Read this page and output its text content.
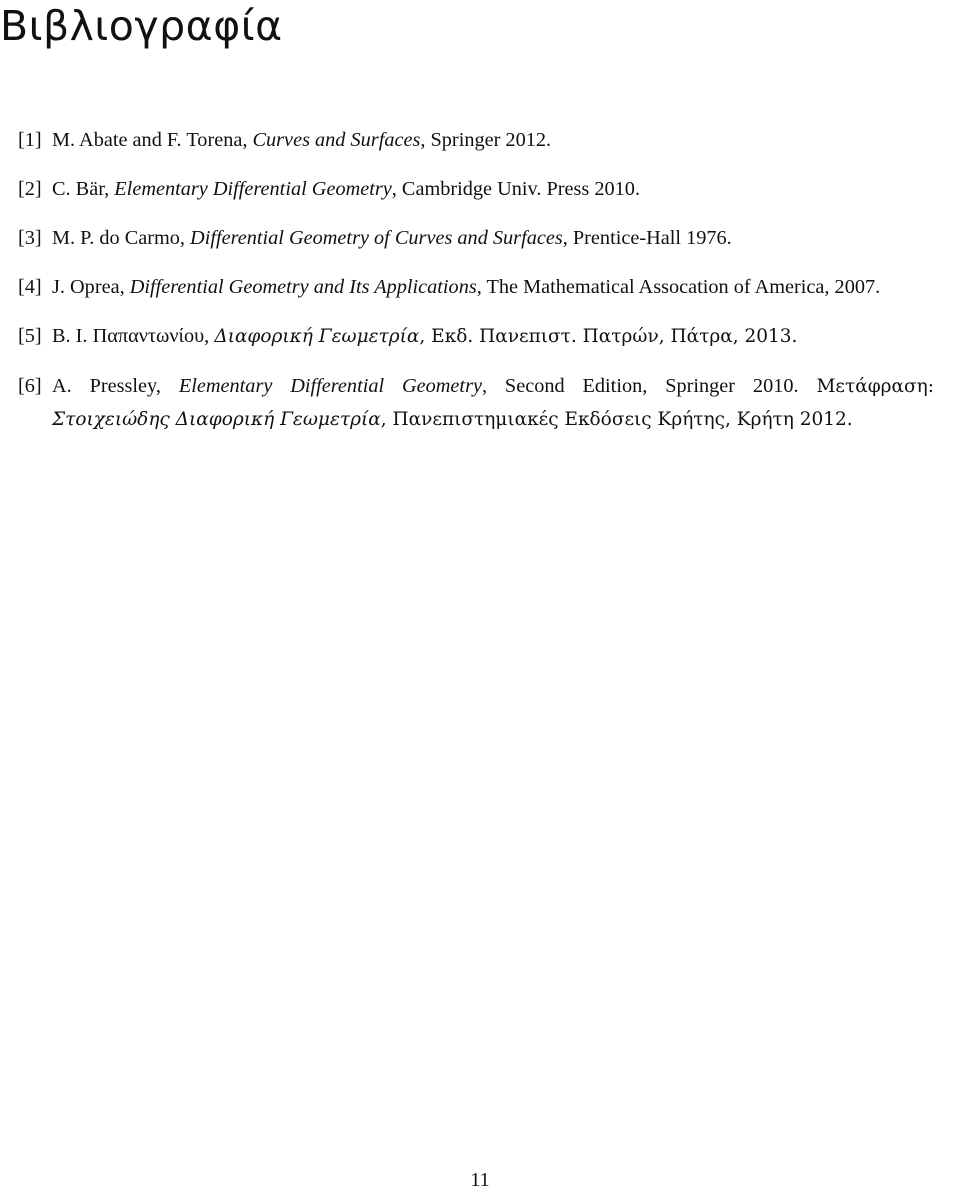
Βιβλιογραφία
[1] M. Abate and F. Torena, Curves and Surfaces, Springer 2012.
[2] C. Bär, Elementary Differential Geometry, Cambridge Univ. Press 2010.
[3] M. P. do Carmo, Differential Geometry of Curves and Surfaces, Prentice-Hall 1976.
[4] J. Oprea, Differential Geometry and Its Applications, The Mathematical Assocation of America, 2007.
[5] B. I. Παπαντωνίου, Διαφορική Γεωμετρία, Εκδ. Πανεπιστ. Πατρών, Πάτρα, 2013.
[6] A. Pressley, Elementary Differential Geometry, Second Edition, Springer 2010. Μετάφραση: Στοιχειώδης Διαφορική Γεωμετρία, Πανεπιστημιακές Εκδόσεις Κρήτης, Κρήτη 2012.
11
